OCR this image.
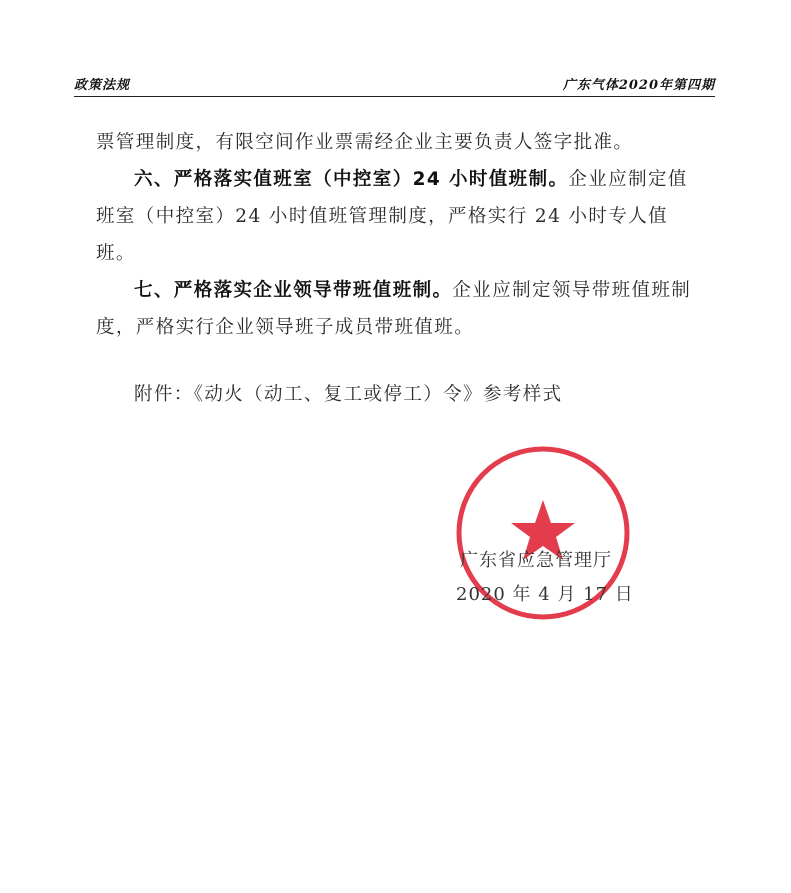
政策法规	广东气体2020年第四期

票管理制度，有限空间作业票需经企业主要负责人签字批准。

六、严格落实值班室（中控室）24 小时值班制。企业应制定值班室（中控室）24 小时值班管理制度，严格实行 24 小时专人值班。

七、严格落实企业领导带班值班制。企业应制定领导带班值班制度，严格实行企业领导班子成员带班值班。

附件：《动火（动工、复工或停工）令》参考样式

广东省应急管理厅
2020 年 4 月 17 日
